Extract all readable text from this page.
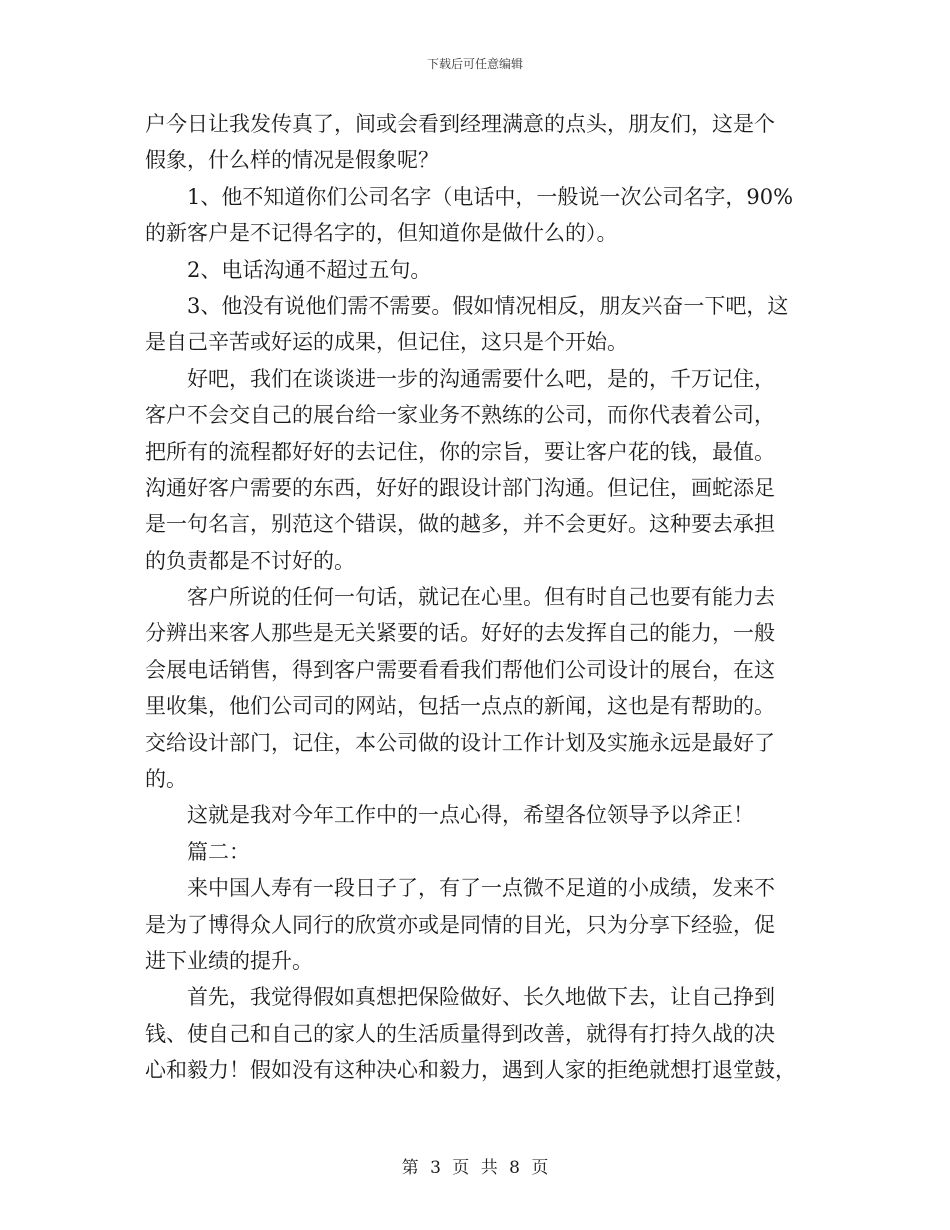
下载后可任意编辑
户今日让我发传真了，间或会看到经理满意的点头，朋友们，这是个
假象，什么样的情况是假象呢？
1、他不知道你们公司名字（电话中，一般说一次公司名字，90%
的新客户是不记得名字的，但知道你是做什么的）。
2、电话沟通不超过五句。
3、他没有说他们需不需要。假如情况相反，朋友兴奋一下吧，这
是自己辛苦或好运的成果，但记住，这只是个开始。
好吧，我们在谈谈进一步的沟通需要什么吧，是的，千万记住，
客户不会交自己的展台给一家业务不熟练的公司，而你代表着公司，
把所有的流程都好好的去记住，你的宗旨，要让客户花的钱，最值。
沟通好客户需要的东西，好好的跟设计部门沟通。但记住，画蛇添足
是一句名言，别范这个错误，做的越多，并不会更好。这种要去承担
的负责都是不讨好的。
客户所说的任何一句话，就记在心里。但有时自己也要有能力去
分辨出来客人那些是无关紧要的话。好好的去发挥自己的能力，一般
会展电话销售，得到客户需要看看我们帮他们公司设计的展台，在这
里收集，他们公司司的网站，包括一点点的新闻，这也是有帮助的。
交给设计部门，记住，本公司做的设计工作计划及实施永远是最好了
的。
这就是我对今年工作中的一点心得，希望各位领导予以斧正！
篇二：
来中国人寿有一段日子了，有了一点微不足道的小成绩，发来不
是为了博得众人同行的欣赏亦或是同情的目光，只为分享下经验，促
进下业绩的提升。
首先，我觉得假如真想把保险做好、长久地做下去，让自己挣到
钱、使自己和自己的家人的生活质量得到改善，就得有打持久战的决
心和毅力！假如没有这种决心和毅力，遇到人家的拒绝就想打退堂鼓，
第 3 页 共 8 页
